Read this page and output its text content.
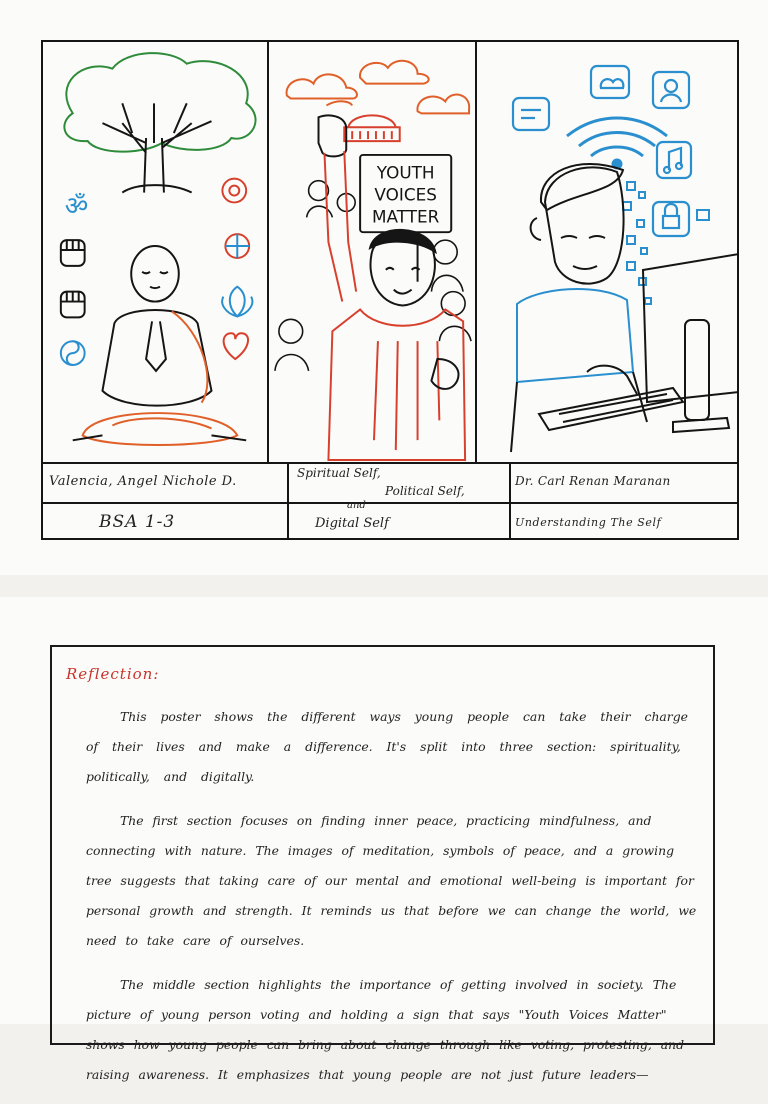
ॐ
YOUTH
VOICES
MATTER
Valencia, Angel Nichole D.
Spiritual Self,
Political Self,
Dr. Carl Renan Maranan
BSA 1-3
and
Digital Self	Understanding The Self
Reflection:

This poster shows the different ways young people can take their charge of their lives and make a difference. It's split into three section: spirituality, politically, and digitally.

The first section focuses on finding inner peace, practicing mindfulness, and connecting with nature. The images of meditation, symbols of peace, and a growing tree suggests that taking care of our mental and emotional well-being is important for personal growth and strength. It reminds us that before we can change the world, we need to take care of ourselves.

The middle section highlights the importance of getting involved in society. The picture of young person voting and holding a sign that says "Youth Voices Matter" shows how young people can bring about change through like voting, protesting, and raising awareness. It emphasizes that young people are not just future leaders—
